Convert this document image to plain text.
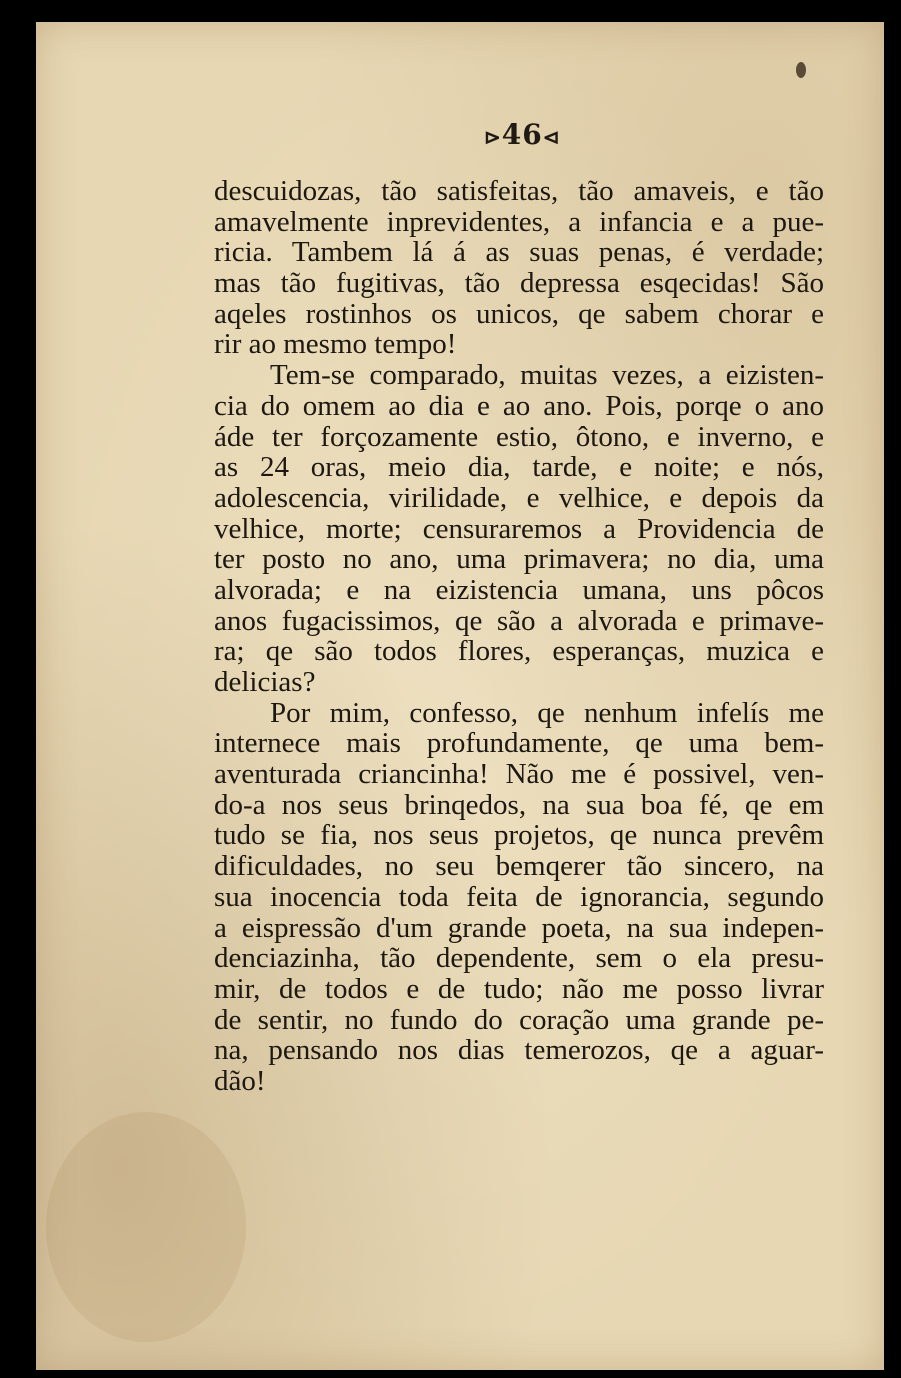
⊳46⊲
descuidozas, tão satisfeitas, tão amaveis, e tão
amavelmente inprevidentes, a infancia e a pue-
ricia. Tambem lá á as suas penas, é verdade;
mas tão fugitivas, tão depressa esqecidas! São
aqeles rostinhos os unicos, qe sabem chorar e
rir ao mesmo tempo!
Tem-se comparado, muitas vezes, a eizisten-
cia do omem ao dia e ao ano. Pois, porqe o ano
áde ter forçozamente estio, ôtono, e inverno, e
as 24 oras, meio dia, tarde, e noite; e nós,
adolescencia, virilidade, e velhice, e depois da
velhice, morte; censuraremos a Providencia de
ter posto no ano, uma primavera; no dia, uma
alvorada; e na eizistencia umana, uns pôcos
anos fugacissimos, qe são a alvorada e primave-
ra; qe são todos flores, esperanças, muzica e
delicias?
Por mim, confesso, qe nenhum infelís me
internece mais profundamente, qe uma bem-
aventurada criancinha! Não me é possivel, ven-
do-a nos seus brinqedos, na sua boa fé, qe em
tudo se fia, nos seus projetos, qe nunca prevêm
dificuldades, no seu bemqerer tão sincero, na
sua inocencia toda feita de ignorancia, segundo
a eispressão d'um grande poeta, na sua indepen-
denciazinha, tão dependente, sem o ela presu-
mir, de todos e de tudo; não me posso livrar
de sentir, no fundo do coração uma grande pe-
na, pensando nos dias temerozos, qe a aguar-
dão!
